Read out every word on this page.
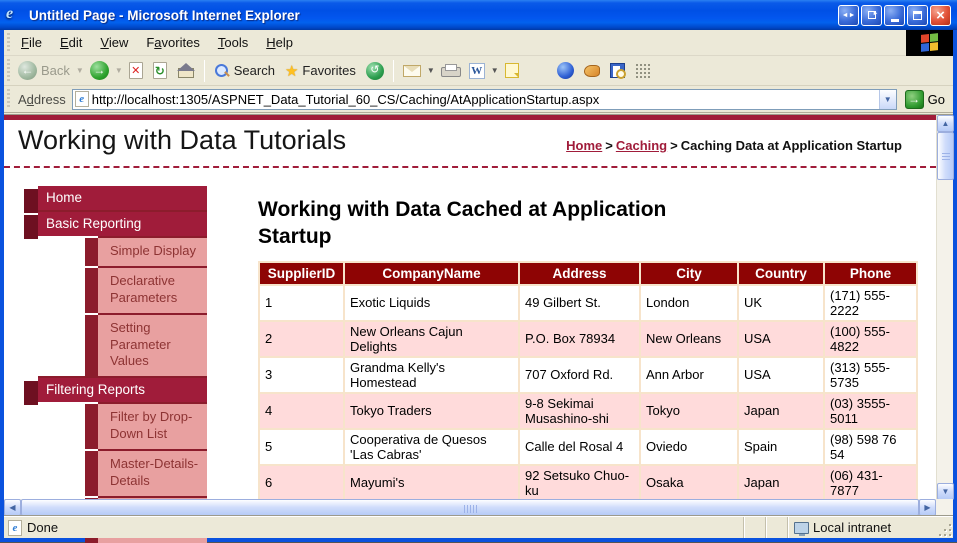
e	Untitled Page - Microsoft Internet Explorer	◄► ►	×
File	Edit	View	Favorites	Tools	Help
← Back ▼ →	▼ ✕ ↻	Search ★ Favorites	↺	▼	W	▼
Address	e
http://localhost:1305/ASPNET_Data_Tutorial_60_CS/Caching/AtApplicationStartup.aspx	▼	→ Go
Working with Data Tutorials	Home > Caching > Caching Data at Application Startup
Home
Basic Reporting
Simple Display
Declarative Parameters
Setting Parameter Values
Filtering Reports
Filter by Drop-Down List
Master-Details-Details
Working with Data Cached at Application Startup
SupplierID	CompanyName	Address	City	Country	Phone
1	Exotic Liquids	49 Gilbert St.	London	UK	(171) 555-2222
2	New Orleans Cajun Delights	P.O. Box 78934	New Orleans	USA	(100) 555-4822
3	Grandma Kelly's Homestead	707 Oxford Rd.	Ann Arbor	USA	(313) 555-5735
4	Tokyo Traders	9-8 Sekimai Musashino-shi	Tokyo	Japan	(03) 3555-5011
5	Cooperativa de Quesos 'Las Cabras'	Calle del Rosal 4	Oviedo	Spain	(98) 598 76 54
6	Mayumi's	92 Setsuko Chuo-ku	Osaka	Japan	(06) 431-7877
▲
▼
◀	▶
e Done	Local intranet
